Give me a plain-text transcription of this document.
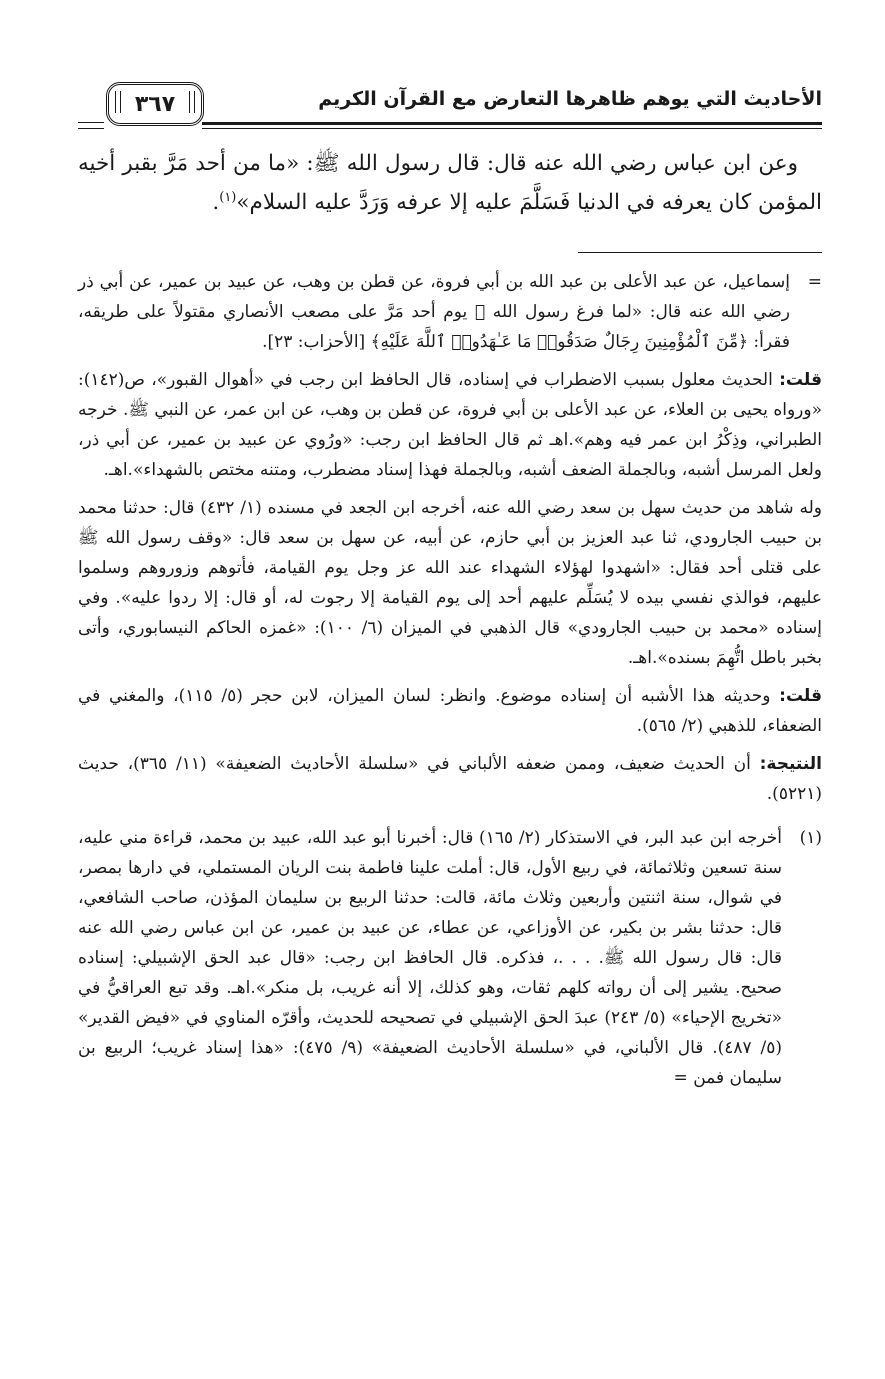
الأحاديث التي يوهم ظاهرها التعارض مع القرآن الكريم
٣٦٧

وعن ابن عباس رضي الله عنه قال: قال رسول الله ﷺ: «ما من أحد مَرَّ بقبر أخيه المؤمن كان يعرفه في الدنيا فَسَلَّمَ عليه إلا عرفه وَرَدَّ عليه السلام»$^{(١)}$.

=
إسماعيل، عن عبد الأعلى بن عبد الله بن أبي فروة، عن قطن بن وهب، عن عبيد بن عمير، عن أبي ذر رضي الله عنه قال: «لما فرغ رسول الله ﷺ يوم أحد مَرَّ على مصعب الأنصاري مقتولاً على طريقه، فقرأ: ﴿مِّنَ ٱلْمُؤْمِنِينَ رِجَالٌ صَدَقُوا۟ مَا عَـٰهَدُوا۟ ٱللَّهَ عَلَيْهِ﴾ [الأحزاب: ٢٣].

قلت: الحديث معلول بسبب الاضطراب في إسناده، قال الحافظ ابن رجب في «أهوال القبور»، ص(١٤٢): «ورواه يحيى بن العلاء، عن عبد الأعلى بن أبي فروة، عن قطن بن وهب، عن ابن عمر، عن النبي ﷺ. خرجه الطبراني، وذِكْرُ ابن عمر فيه وهم».اهـ ثم قال الحافظ ابن رجب: «ورُوي عن عبيد بن عمير، عن أبي ذر، ولعل المرسل أشبه، وبالجملة الضعف أشبه، وبالجملة فهذا إسناد مضطرب، ومتنه مختص بالشهداء».اهـ.

وله شاهد من حديث سهل بن سعد رضي الله عنه، أخرجه ابن الجعد في مسنده (١/ ٤٣٢) قال: حدثنا محمد بن حبيب الجارودي، ثنا عبد العزيز بن أبي حازم، عن أبيه، عن سهل بن سعد قال: «وقف رسول الله ﷺ على قتلى أحد فقال: «اشهدوا لهؤلاء الشهداء عند الله عز وجل يوم القيامة، فأتوهم وزوروهم وسلموا عليهم، فوالذي نفسي بيده لا يُسَلِّم عليهم أحد إلى يوم القيامة إلا رجوت له، أو قال: إلا ردوا عليه». وفي إسناده «محمد بن حبيب الجارودي» قال الذهبي في الميزان (٦/ ١٠٠): «غمزه الحاكم النيسابوري، وأتى بخبر باطل اتُّهِمَ بسنده».اهـ.

قلت: وحديثه هذا الأشبه أن إسناده موضوع. وانظر: لسان الميزان، لابن حجر (٥/ ١١٥)، والمغني في الضعفاء، للذهبي (٢/ ٥٦٥).

النتيجة: أن الحديث ضعيف، وممن ضعفه الألباني في «سلسلة الأحاديث الضعيفة» (١١/ ٣٦٥)، حديث (٥٢٢١).

(١)
أخرجه ابن عبد البر، في الاستذكار (٢/ ١٦٥) قال: أخبرنا أبو عبد الله، عبيد بن محمد، قراءة مني عليه، سنة تسعين وثلاثمائة، في ربيع الأول، قال: أملت علينا فاطمة بنت الريان المستملي، في دارها بمصر، في شوال، سنة اثنتين وأربعين وثلاث مائة، قالت: حدثنا الربيع بن سليمان المؤذن، صاحب الشافعي، قال: حدثنا بشر بن بكير، عن الأوزاعي، عن عطاء، عن عبيد بن عمير، عن ابن عباس رضي الله عنه قال: قال رسول الله ﷺ. . . .، فذكره. قال الحافظ ابن رجب: «قال عبد الحق الإشبيلي: إسناده صحيح. يشير إلى أن رواته كلهم ثقات، وهو كذلك، إلا أنه غريب، بل منكر».اهـ. وقد تبع العراقيُّ في «تخريج الإحياء» (٥/ ٢٤٣) عبدَ الحق الإشبيلي في تصحيحه للحديث، وأقرّه المناوي في «فيض القدير» (٥/ ٤٨٧). قال الألباني، في «سلسلة الأحاديث الضعيفة» (٩/ ٤٧٥): «هذا إسناد غريب؛ الربيع بن سليمان فمن =
